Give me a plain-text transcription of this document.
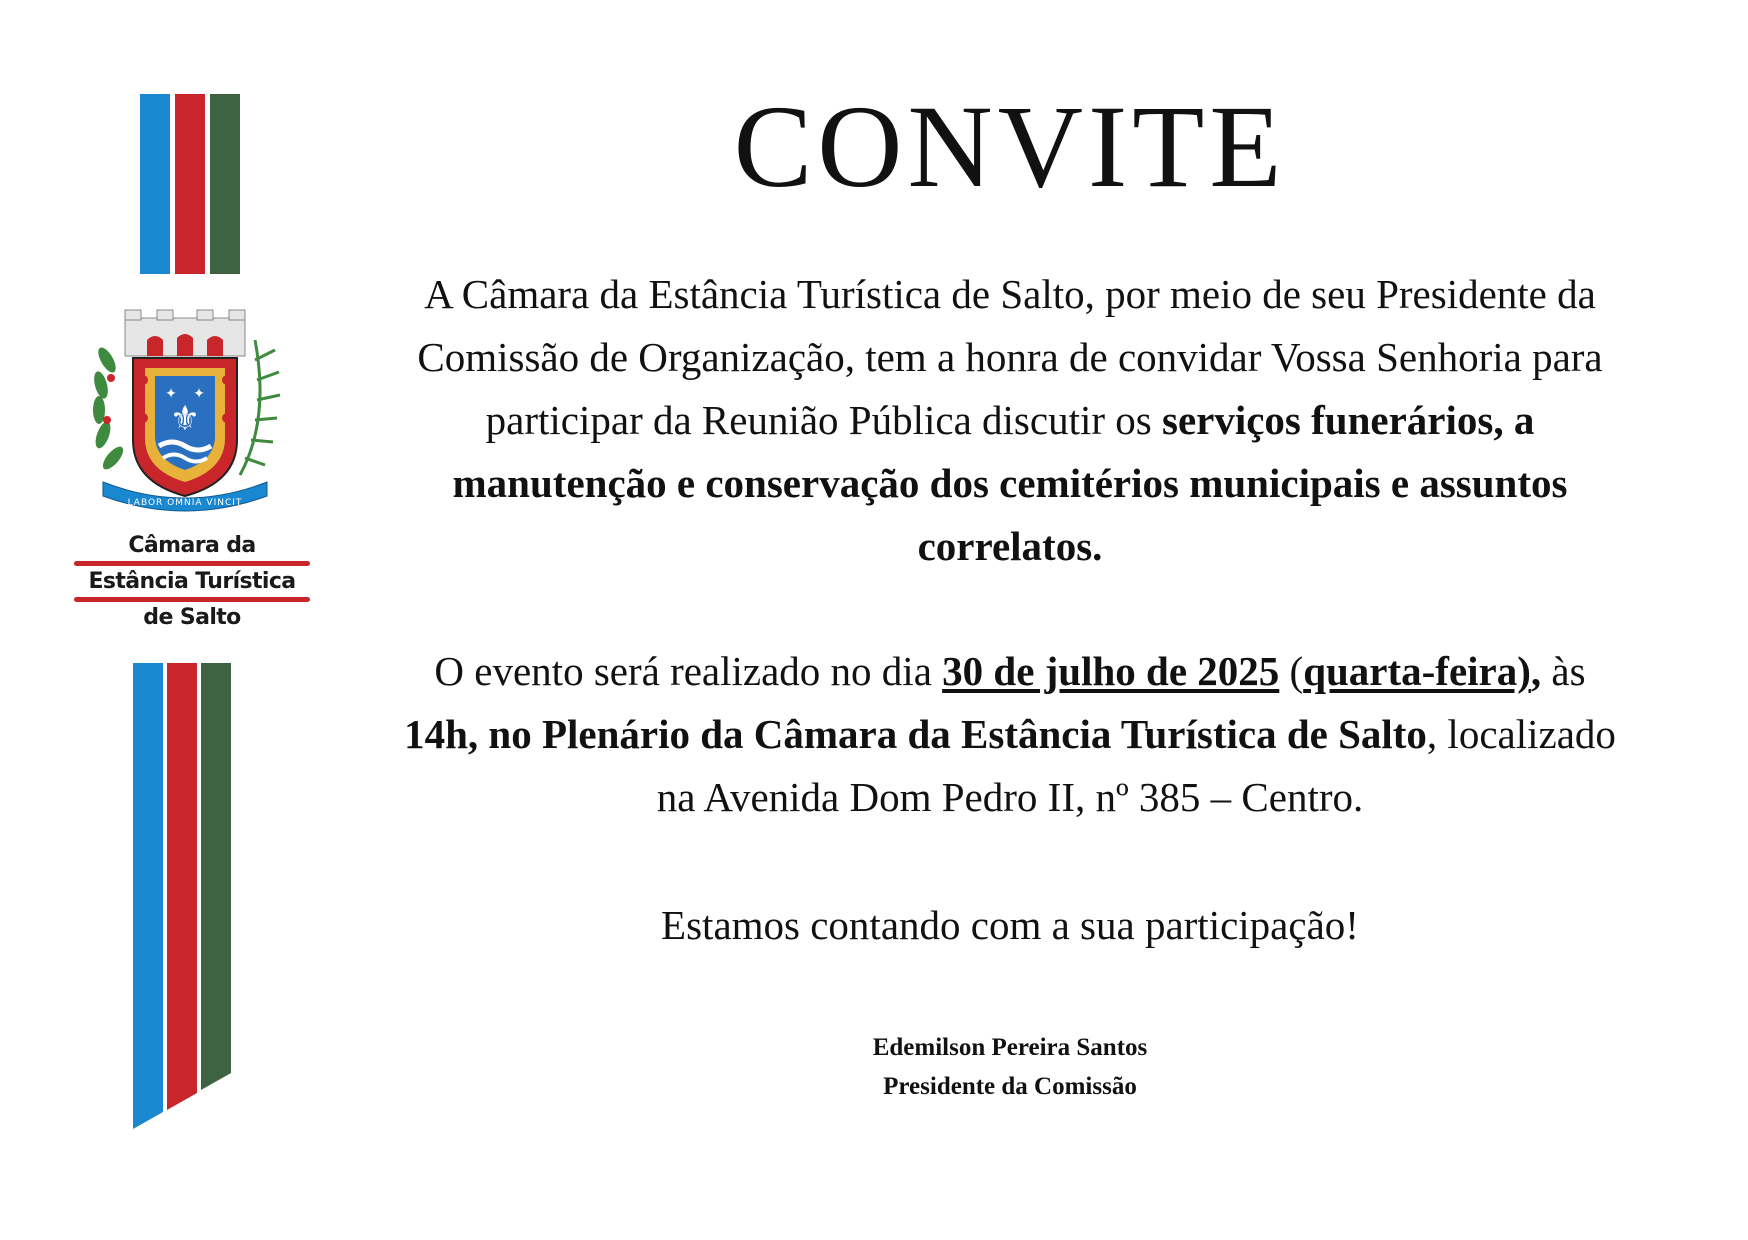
⚜
✦ ✦
LABOR OMNIA VINCIT
Câmara da
Estância Turística
de Salto
CONVITE
A Câmara da Estância Turística de Salto, por meio de seu Presidente da Comissão de Organização, tem a honra de convidar Vossa Senhoria para participar da Reunião Pública discutir os serviços funerários, a manutenção e conservação dos cemitérios municipais e assuntos correlatos.
O evento será realizado no dia 30 de julho de 2025 (quarta-feira), às 14h, no Plenário da Câmara da Estância Turística de Salto, localizado na Avenida Dom Pedro II, nº 385 – Centro.
Estamos contando com a sua participação!
Edemilson Pereira Santos
Presidente da Comissão
